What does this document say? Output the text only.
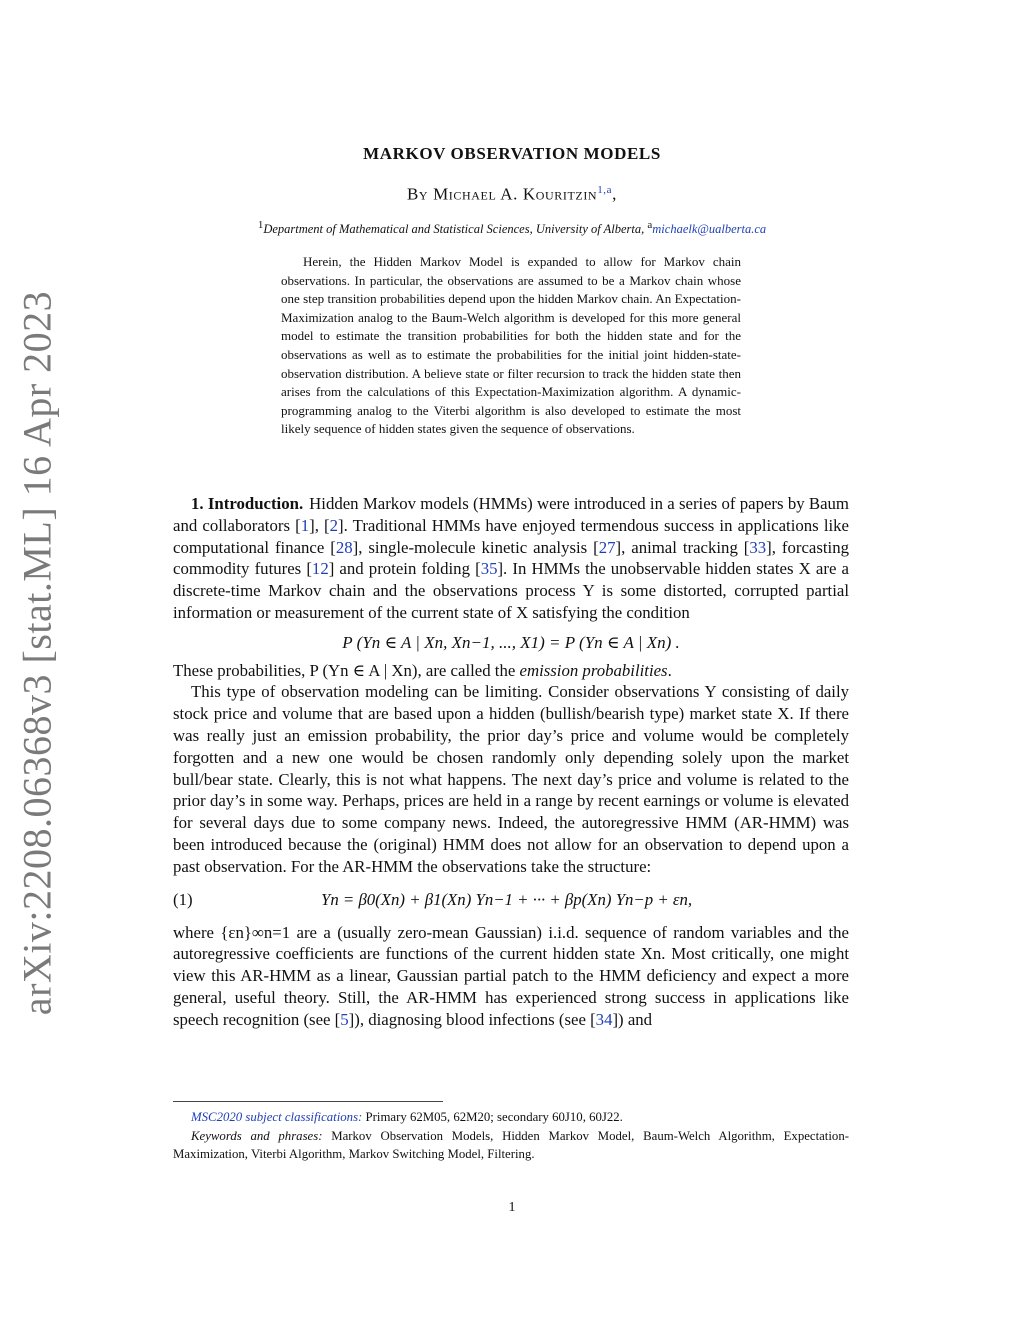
arXiv:2208.06368v3 [stat.ML] 16 Apr 2023
MARKOV OBSERVATION MODELS
By Michael A. Kouritzin$^{1,a}$,
$^1$Department of Mathematical and Statistical Sciences, University of Alberta, $^a$michaelk@ualberta.ca
Herein, the Hidden Markov Model is expanded to allow for Markov chain observations. In particular, the observations are assumed to be a Markov chain whose one step transition probabilities depend upon the hidden Markov chain. An Expectation-Maximization analog to the Baum-Welch algorithm is developed for this more general model to estimate the transition probabilities for both the hidden state and for the observations as well as to estimate the probabilities for the initial joint hidden-state-observation distribution. A believe state or filter recursion to track the hidden state then arises from the calculations of this Expectation-Maximization algorithm. A dynamic-programming analog to the Viterbi algorithm is also developed to estimate the most likely sequence of hidden states given the sequence of observations.

1. Introduction. Hidden Markov models (HMMs) were introduced in a series of papers by Baum and collaborators [1], [2]. Traditional HMMs have enjoyed termendous success in applications like computational finance [28], single-molecule kinetic analysis [27], animal tracking [33], forcasting commodity futures [12] and protein folding [35]. In HMMs the unobservable hidden states X are a discrete-time Markov chain and the observations process Y is some distorted, corrupted partial information or measurement of the current state of X satisfying the condition

P (Yn ∈ A | Xn, Xn−1, ..., X1) = P (Yn ∈ A | Xn) .

These probabilities, P (Yn ∈ A | Xn), are called the emission probabilities.

This type of observation modeling can be limiting. Consider observations Y consisting of daily stock price and volume that are based upon a hidden (bullish/bearish type) market state X. If there was really just an emission probability, the prior day’s price and volume would be completely forgotten and a new one would be chosen randomly only depending solely upon the market bull/bear state. Clearly, this is not what happens. The next day’s price and volume is related to the prior day’s in some way. Perhaps, prices are held in a range by recent earnings or volume is elevated for several days due to some company news. Indeed, the autoregressive HMM (AR-HMM) was been introduced because the (original) HMM does not allow for an observation to depend upon a past observation. For the AR-HMM the observations take the structure:

(1)	Yn = β0(Xn) + β1(Xn) Yn−1 + ··· + βp(Xn) Yn−p + εn,

where {εn}∞n=1 are a (usually zero-mean Gaussian) i.i.d. sequence of random variables and the autoregressive coefficients are functions of the current hidden state Xn. Most critically, one might view this AR-HMM as a linear, Gaussian partial patch to the HMM deficiency and expect a more general, useful theory. Still, the AR-HMM has experienced strong success in applications like speech recognition (see [5]), diagnosing blood infections (see [34]) and

MSC2020 subject classifications: Primary 62M05, 62M20; secondary 60J10, 60J22.

Keywords and phrases: Markov Observation Models, Hidden Markov Model, Baum-Welch Algorithm, Expectation-Maximization, Viterbi Algorithm, Markov Switching Model, Filtering.

1
